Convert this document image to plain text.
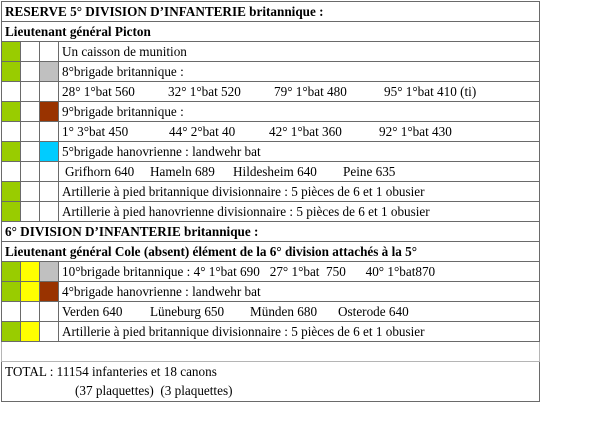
RESERVE 5° DIVISION D’INFANTERIE britannique :			
Lieutenant général Picton			
			Un caisson de munition
			8°brigade britannique :
			28° 1°bat 560 32° 1°bat 520 79° 1°bat 480 95° 1°bat 410 (ti)
			9°brigade britannique :
			1° 3°bat 450 44° 2°bat 40 42° 1°bat 360 92° 1°bat 430
			5°brigade hanovrienne : landwehr bat
			Grifhorn 640 Hameln 689 Hildesheim 640 Peine 635
			Artillerie à pied britannique divisionnaire : 5 pièces de 6 et 1 obusier
			Artillerie à pied hanovrienne divisionnaire : 5 pièces de 6 et 1 obusier
6° DIVISION D’INFANTERIE britannique :			
Lieutenant général Cole (absent) élément de la 6° division attachés à la 5°			
			10°brigade britannique : 4° 1°bat 690   27° 1°bat  750      40° 1°bat870
			4°brigade hanovrienne : landwehr bat
			Verden 640 Lüneburg 650 Münden 680 Osterode 640
			Artillerie à pied britannique divisionnaire : 5 pièces de 6 et 1 obusier

TOTAL : 11154 infanteries et 18 canons
(37 plaquettes)  (3 plaquettes)			
